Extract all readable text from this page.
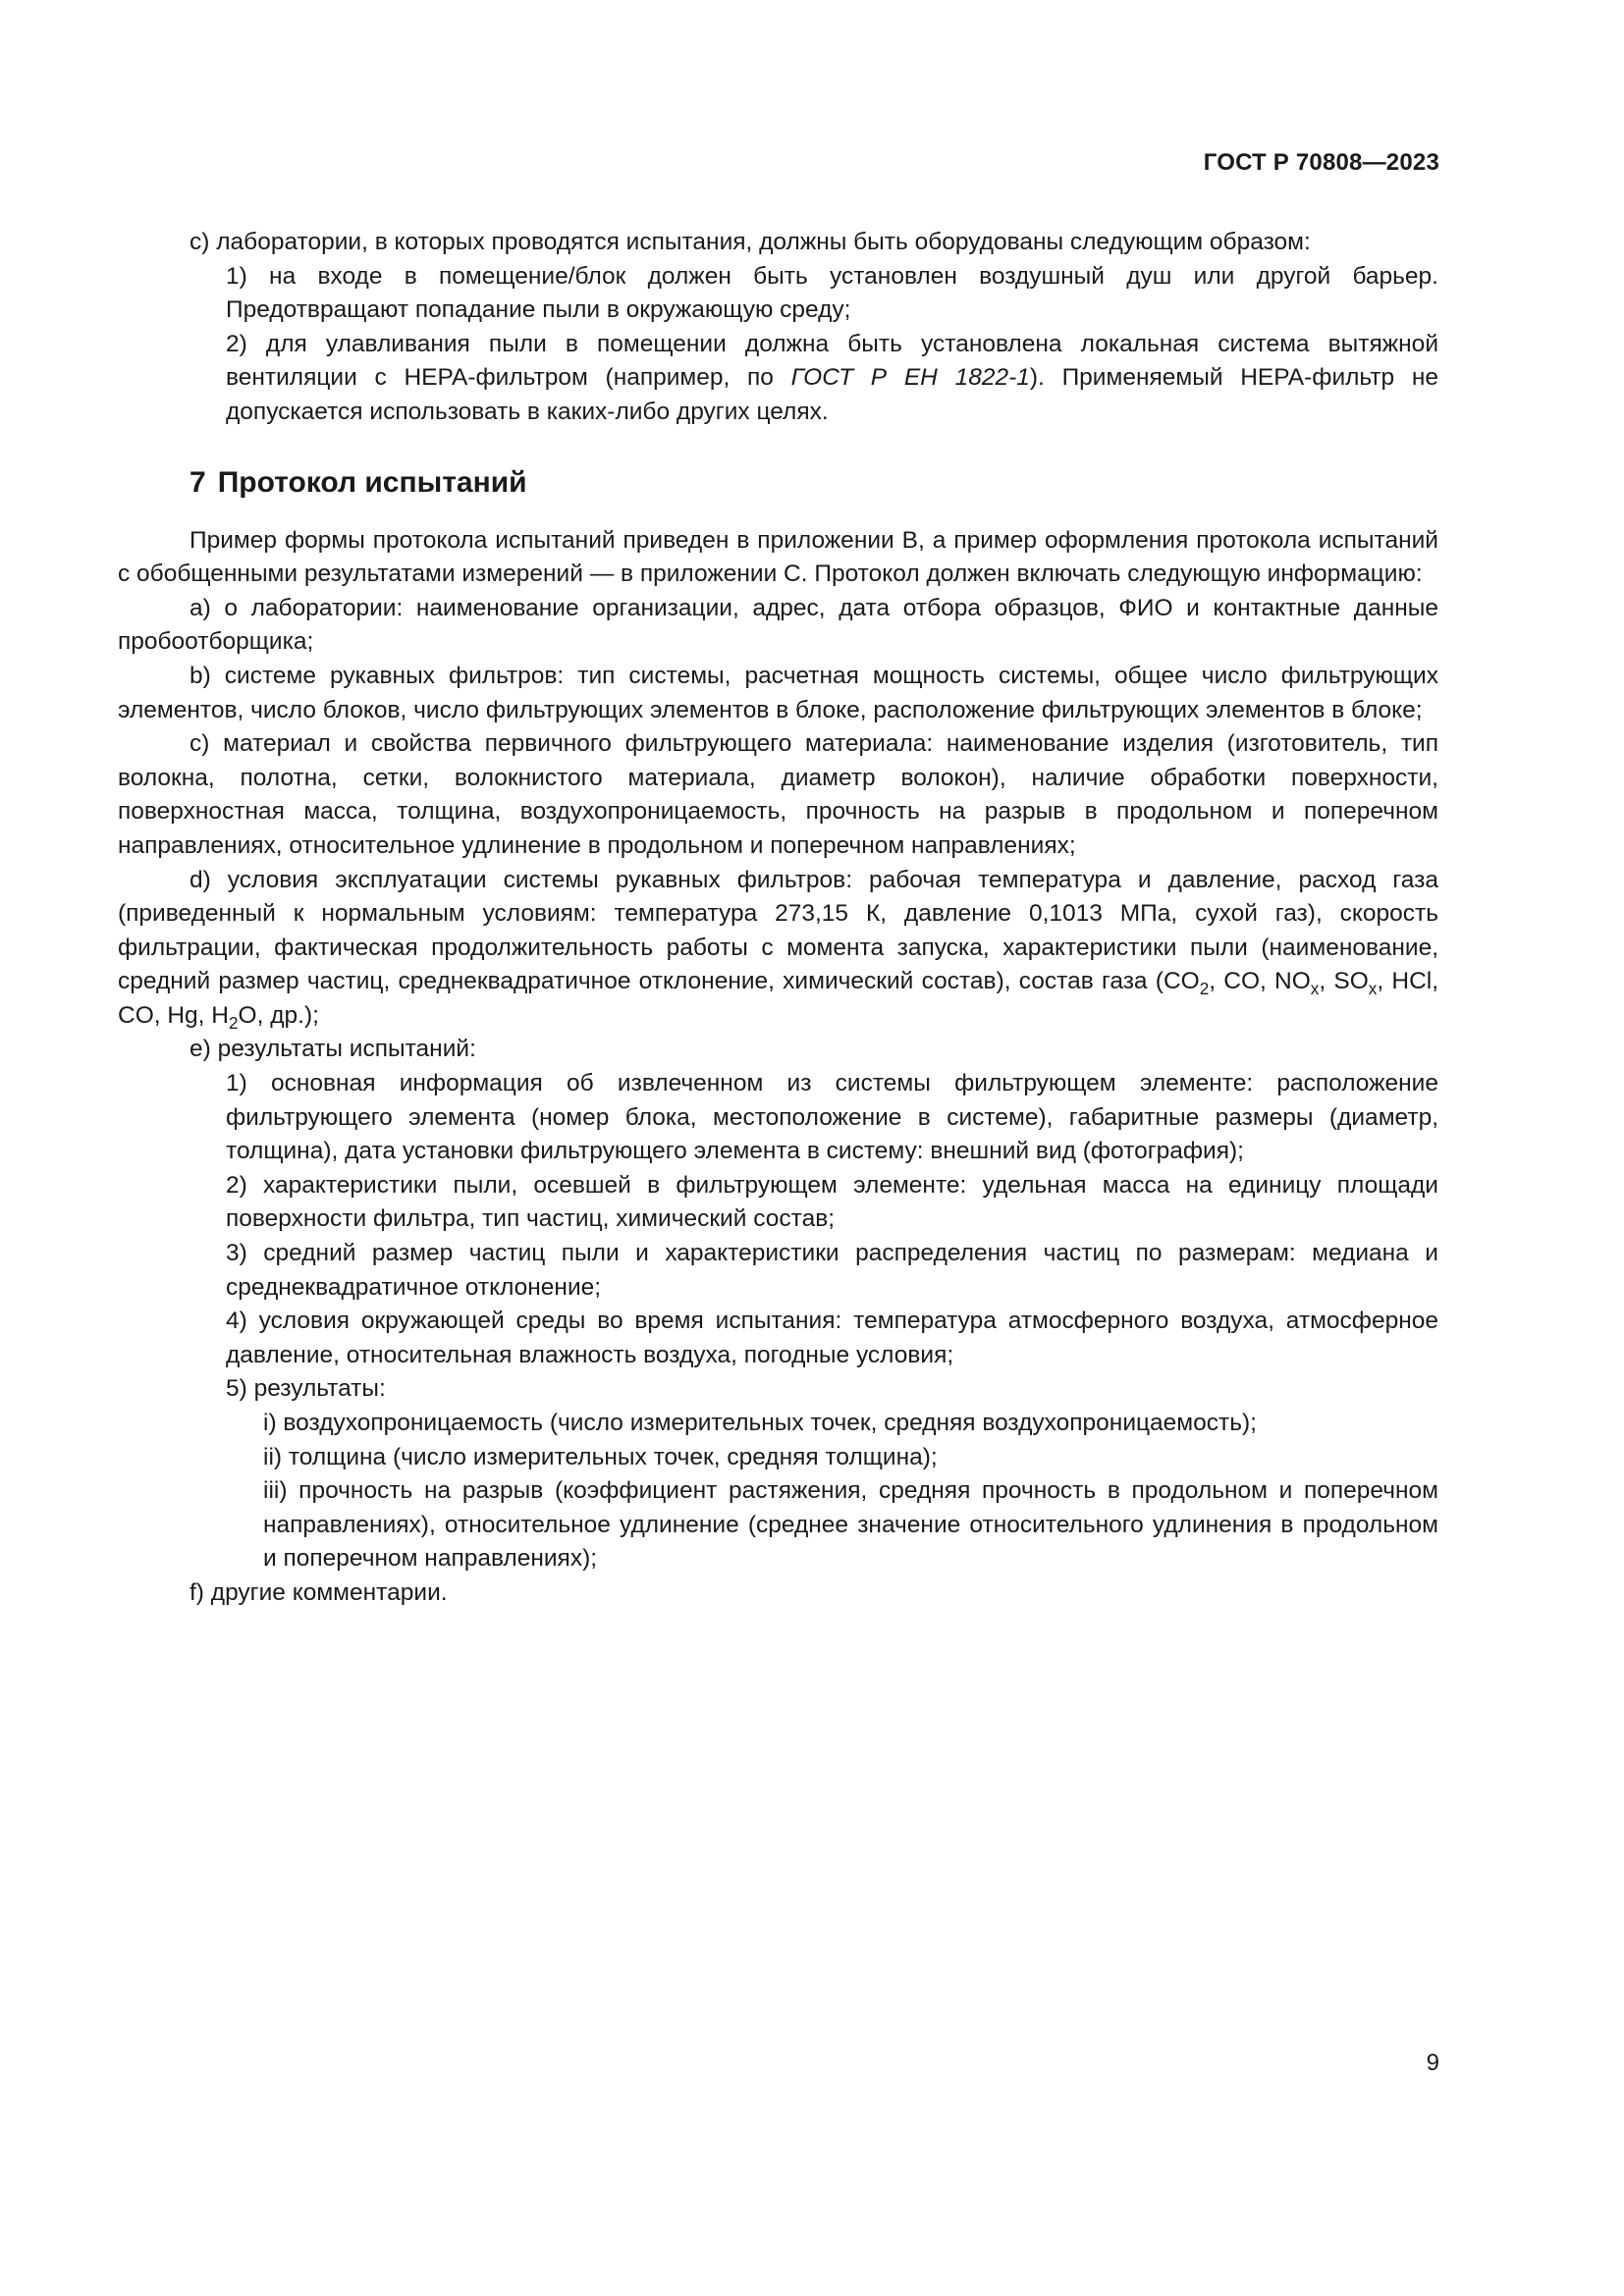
ГОСТ Р 70808—2023

c) лаборатории, в которых проводятся испытания, должны быть оборудованы следующим образом:

1) на входе в помещение/блок должен быть установлен воздушный душ или другой барьер. Предотвращают попадание пыли в окружающую среду;

2) для улавливания пыли в помещении должна быть установлена локальная система вытяжной вентиляции с HEPA-фильтром (например, по ГОСТ Р ЕН 1822-1). Применяемый HEPA-фильтр не допускается использовать в каких-либо других целях.

7 Протокол испытаний

Пример формы протокола испытаний приведен в приложении B, а пример оформления протокола испытаний с обобщенными результатами измерений — в приложении C. Протокол должен включать следующую информацию:

a) о лаборатории: наименование организации, адрес, дата отбора образцов, ФИО и контактные данные пробоотборщика;

b) системе рукавных фильтров: тип системы, расчетная мощность системы, общее число фильтрующих элементов, число блоков, число фильтрующих элементов в блоке, расположение фильтрующих элементов в блоке;

c) материал и свойства первичного фильтрующего материала: наименование изделия (изготовитель, тип волокна, полотна, сетки, волокнистого материала, диаметр волокон), наличие обработки поверхности, поверхностная масса, толщина, воздухопроницаемость, прочность на разрыв в продольном и поперечном направлениях, относительное удлинение в продольном и поперечном направлениях;

d) условия эксплуатации системы рукавных фильтров: рабочая температура и давление, расход газа (приведенный к нормальным условиям: температура 273,15 К, давление 0,1013 МПа, сухой газ), скорость фильтрации, фактическая продолжительность работы с момента запуска, характеристики пыли (наименование, средний размер частиц, среднеквадратичное отклонение, химический состав), состав газа ($CO_2$, CO, $NO_x$, $SO_x$, HCl, CO, Hg, $H_2O$, др.);

e) результаты испытаний:

1) основная информация об извлеченном из системы фильтрующем элементе: расположение фильтрующего элемента (номер блока, местоположение в системе), габаритные размеры (диаметр, толщина), дата установки фильтрующего элемента в систему: внешний вид (фотография);

2) характеристики пыли, осевшей в фильтрующем элементе: удельная масса на единицу площади поверхности фильтра, тип частиц, химический состав;

3) средний размер частиц пыли и характеристики распределения частиц по размерам: медиана и среднеквадратичное отклонение;

4) условия окружающей среды во время испытания: температура атмосферного воздуха, атмосферное давление, относительная влажность воздуха, погодные условия;

5) результаты:

i) воздухопроницаемость (число измерительных точек, средняя воздухопроницаемость);

ii) толщина (число измерительных точек, средняя толщина);

iii) прочность на разрыв (коэффициент растяжения, средняя прочность в продольном и поперечном направлениях), относительное удлинение (среднее значение относительного удлинения в продольном и поперечном направлениях);

f) другие комментарии.

9
